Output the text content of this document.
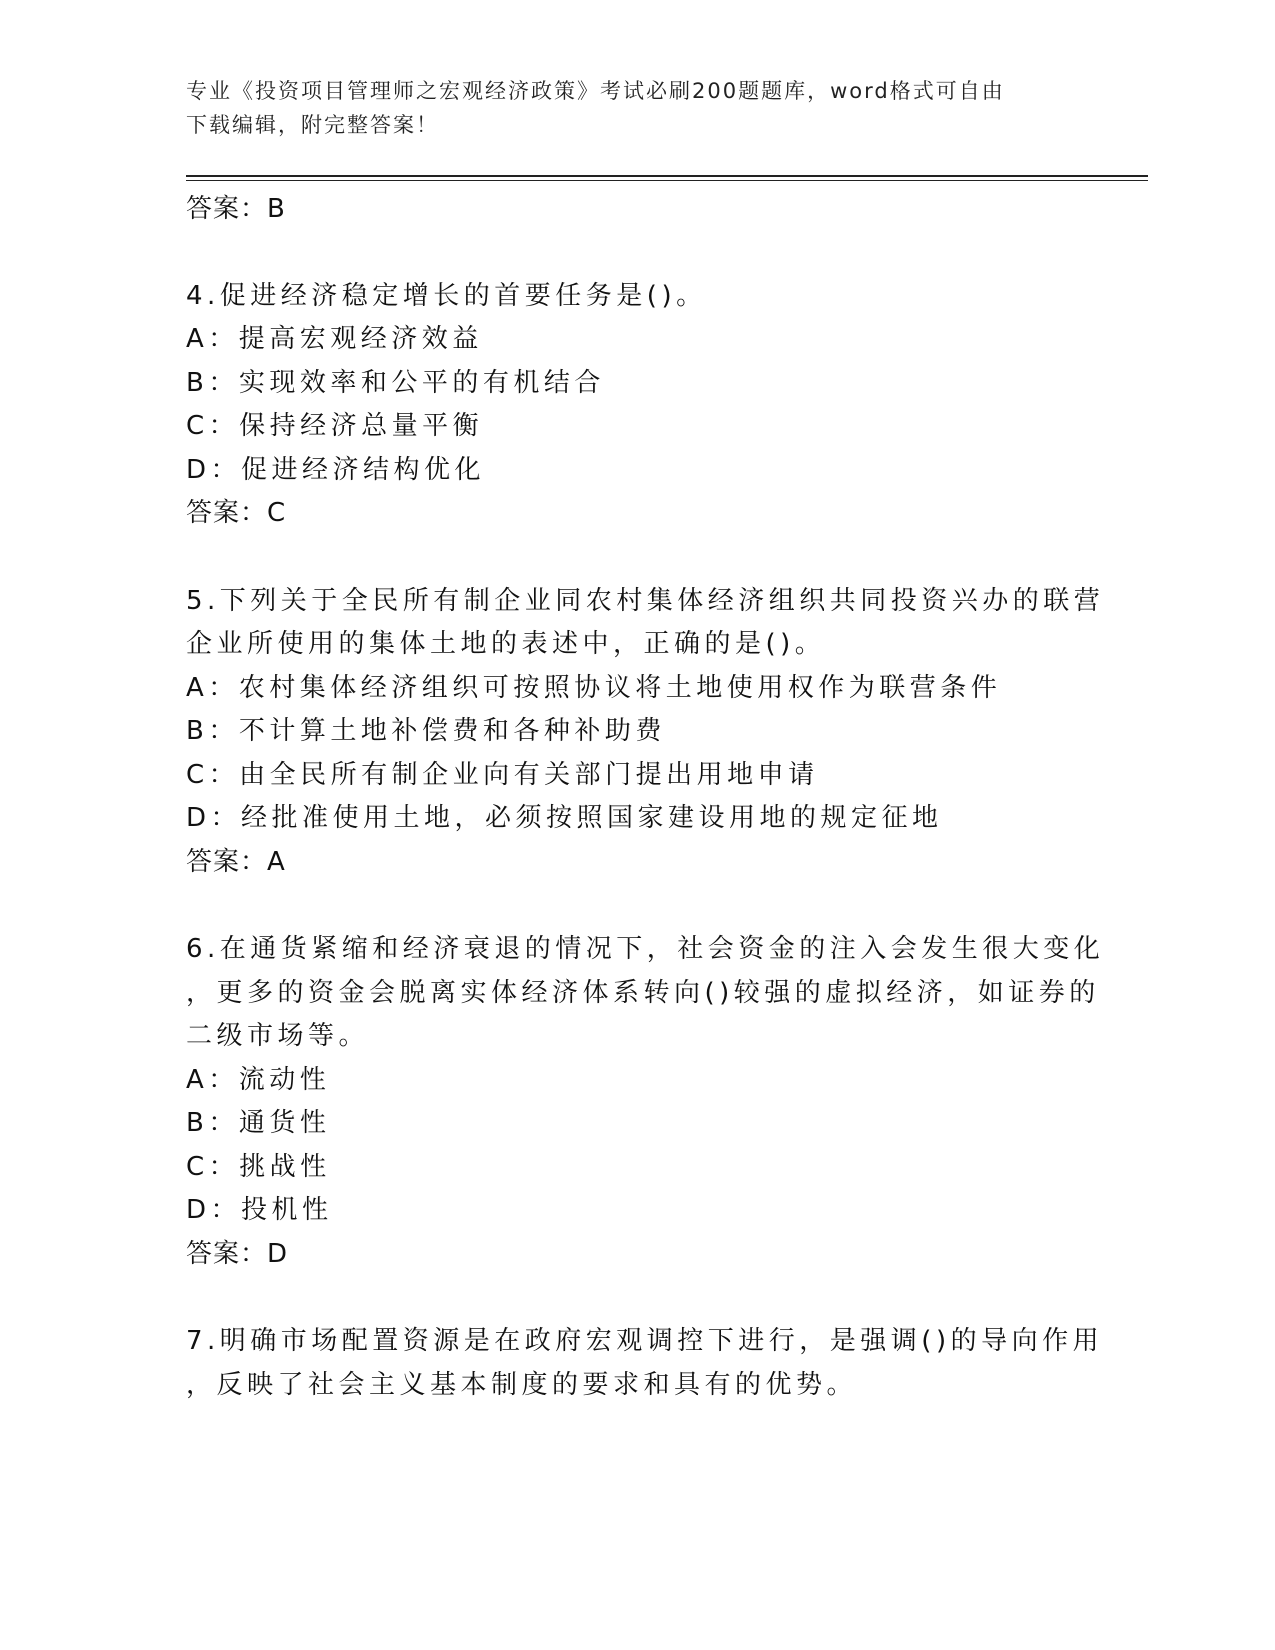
专业《投资项目管理师之宏观经济政策》考试必刷200题题库，word格式可自由
下载编辑，附完整答案！
答案：B
4.促进经济稳定增长的首要任务是()。
A：提高宏观经济效益
B：实现效率和公平的有机结合
C：保持经济总量平衡
D：促进经济结构优化
答案：C
5.下列关于全民所有制企业同农村集体经济组织共同投资兴办的联营
企业所使用的集体土地的表述中，正确的是()。
A：农村集体经济组织可按照协议将土地使用权作为联营条件
B：不计算土地补偿费和各种补助费
C：由全民所有制企业向有关部门提出用地申请
D：经批准使用土地，必须按照国家建设用地的规定征地
答案：A
6.在通货紧缩和经济衰退的情况下，社会资金的注入会发生很大变化
，更多的资金会脱离实体经济体系转向()较强的虚拟经济，如证券的
二级市场等。
A：流动性
B：通货性
C：挑战性
D：投机性
答案：D
7.明确市场配置资源是在政府宏观调控下进行，是强调()的导向作用
，反映了社会主义基本制度的要求和具有的优势。
